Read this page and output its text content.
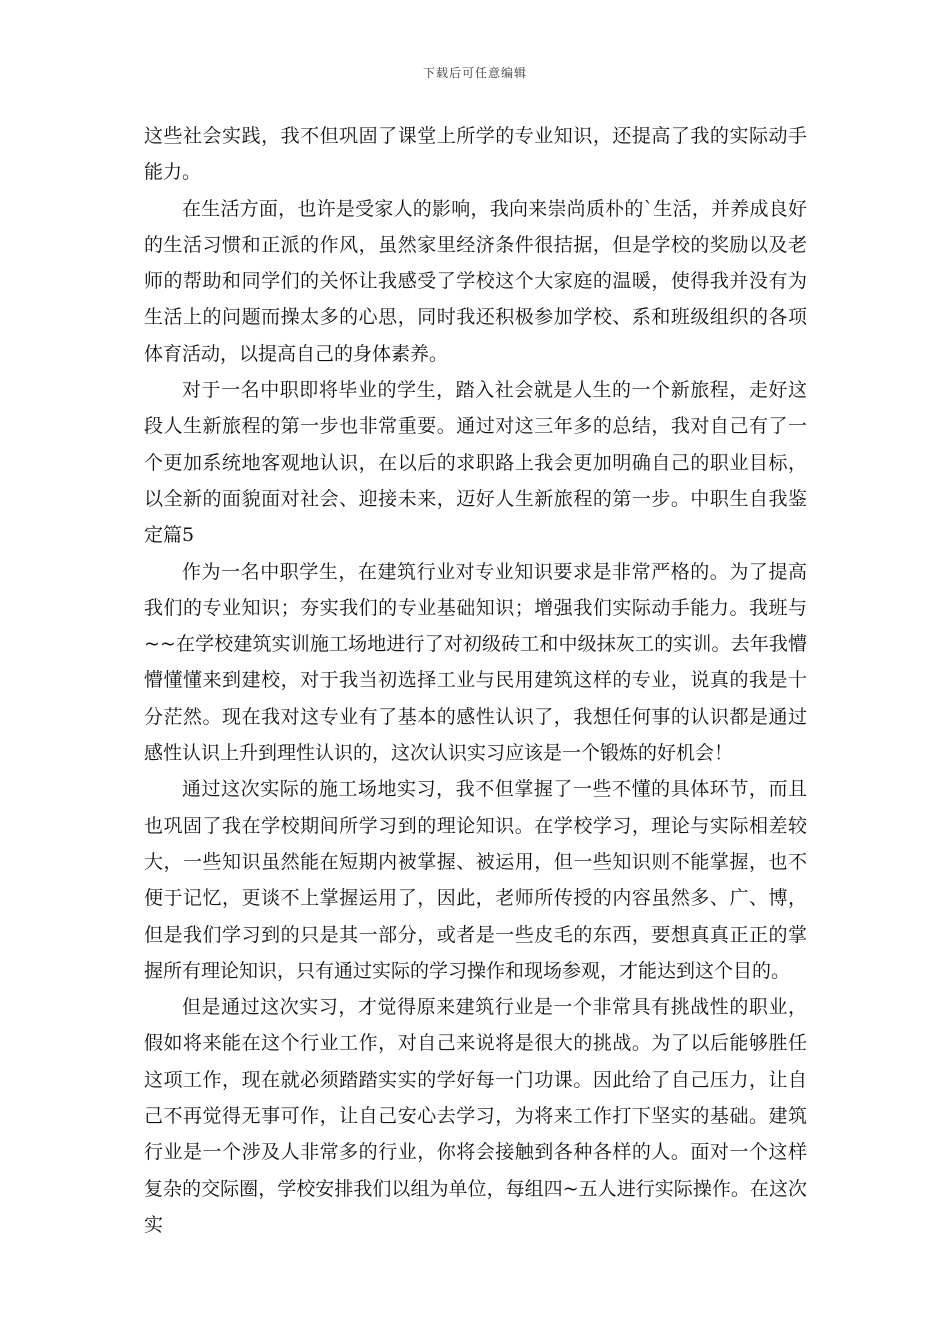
下载后可任意编辑

这些社会实践，我不但巩固了课堂上所学的专业知识，还提高了我的实际动手能力。

在生活方面，也许是受家人的影响，我向来崇尚质朴的`生活，并养成良好的生活习惯和正派的作风，虽然家里经济条件很拮据，但是学校的奖励以及老师的帮助和同学们的关怀让我感受了学校这个大家庭的温暖，使得我并没有为生活上的问题而操太多的心思，同时我还积极参加学校、系和班级组织的各项体育活动，以提高自己的身体素养。

对于一名中职即将毕业的学生，踏入社会就是人生的一个新旅程，走好这段人生新旅程的第一步也非常重要。通过对这三年多的总结，我对自己有了一个更加系统地客观地认识，在以后的求职路上我会更加明确自己的职业目标，以全新的面貌面对社会、迎接未来，迈好人生新旅程的第一步。中职生自我鉴定篇5

作为一名中职学生，在建筑行业对专业知识要求是非常严格的。为了提高我们的专业知识；夯实我们的专业基础知识；增强我们实际动手能力。我班与~~在学校建筑实训施工场地进行了对初级砖工和中级抹灰工的实训。去年我懵懵懂懂来到建校，对于我当初选择工业与民用建筑这样的专业，说真的我是十分茫然。现在我对这专业有了基本的感性认识了，我想任何事的认识都是通过感性认识上升到理性认识的，这次认识实习应该是一个锻炼的好机会！

通过这次实际的施工场地实习，我不但掌握了一些不懂的具体环节，而且也巩固了我在学校期间所学习到的理论知识。在学校学习，理论与实际相差较大，一些知识虽然能在短期内被掌握、被运用，但一些知识则不能掌握，也不便于记忆，更谈不上掌握运用了，因此，老师所传授的内容虽然多、广、博，但是我们学习到的只是其一部分，或者是一些皮毛的东西，要想真真正正的掌握所有理论知识，只有通过实际的学习操作和现场参观，才能达到这个目的。

但是通过这次实习，才觉得原来建筑行业是一个非常具有挑战性的职业，假如将来能在这个行业工作，对自己来说将是很大的挑战。为了以后能够胜任这项工作，现在就必须踏踏实实的学好每一门功课。因此给了自己压力，让自己不再觉得无事可作，让自己安心去学习，为将来工作打下坚实的基础。建筑行业是一个涉及人非常多的行业，你将会接触到各种各样的人。面对一个这样复杂的交际圈，学校安排我们以组为单位，每组四~五人进行实际操作。在这次实
